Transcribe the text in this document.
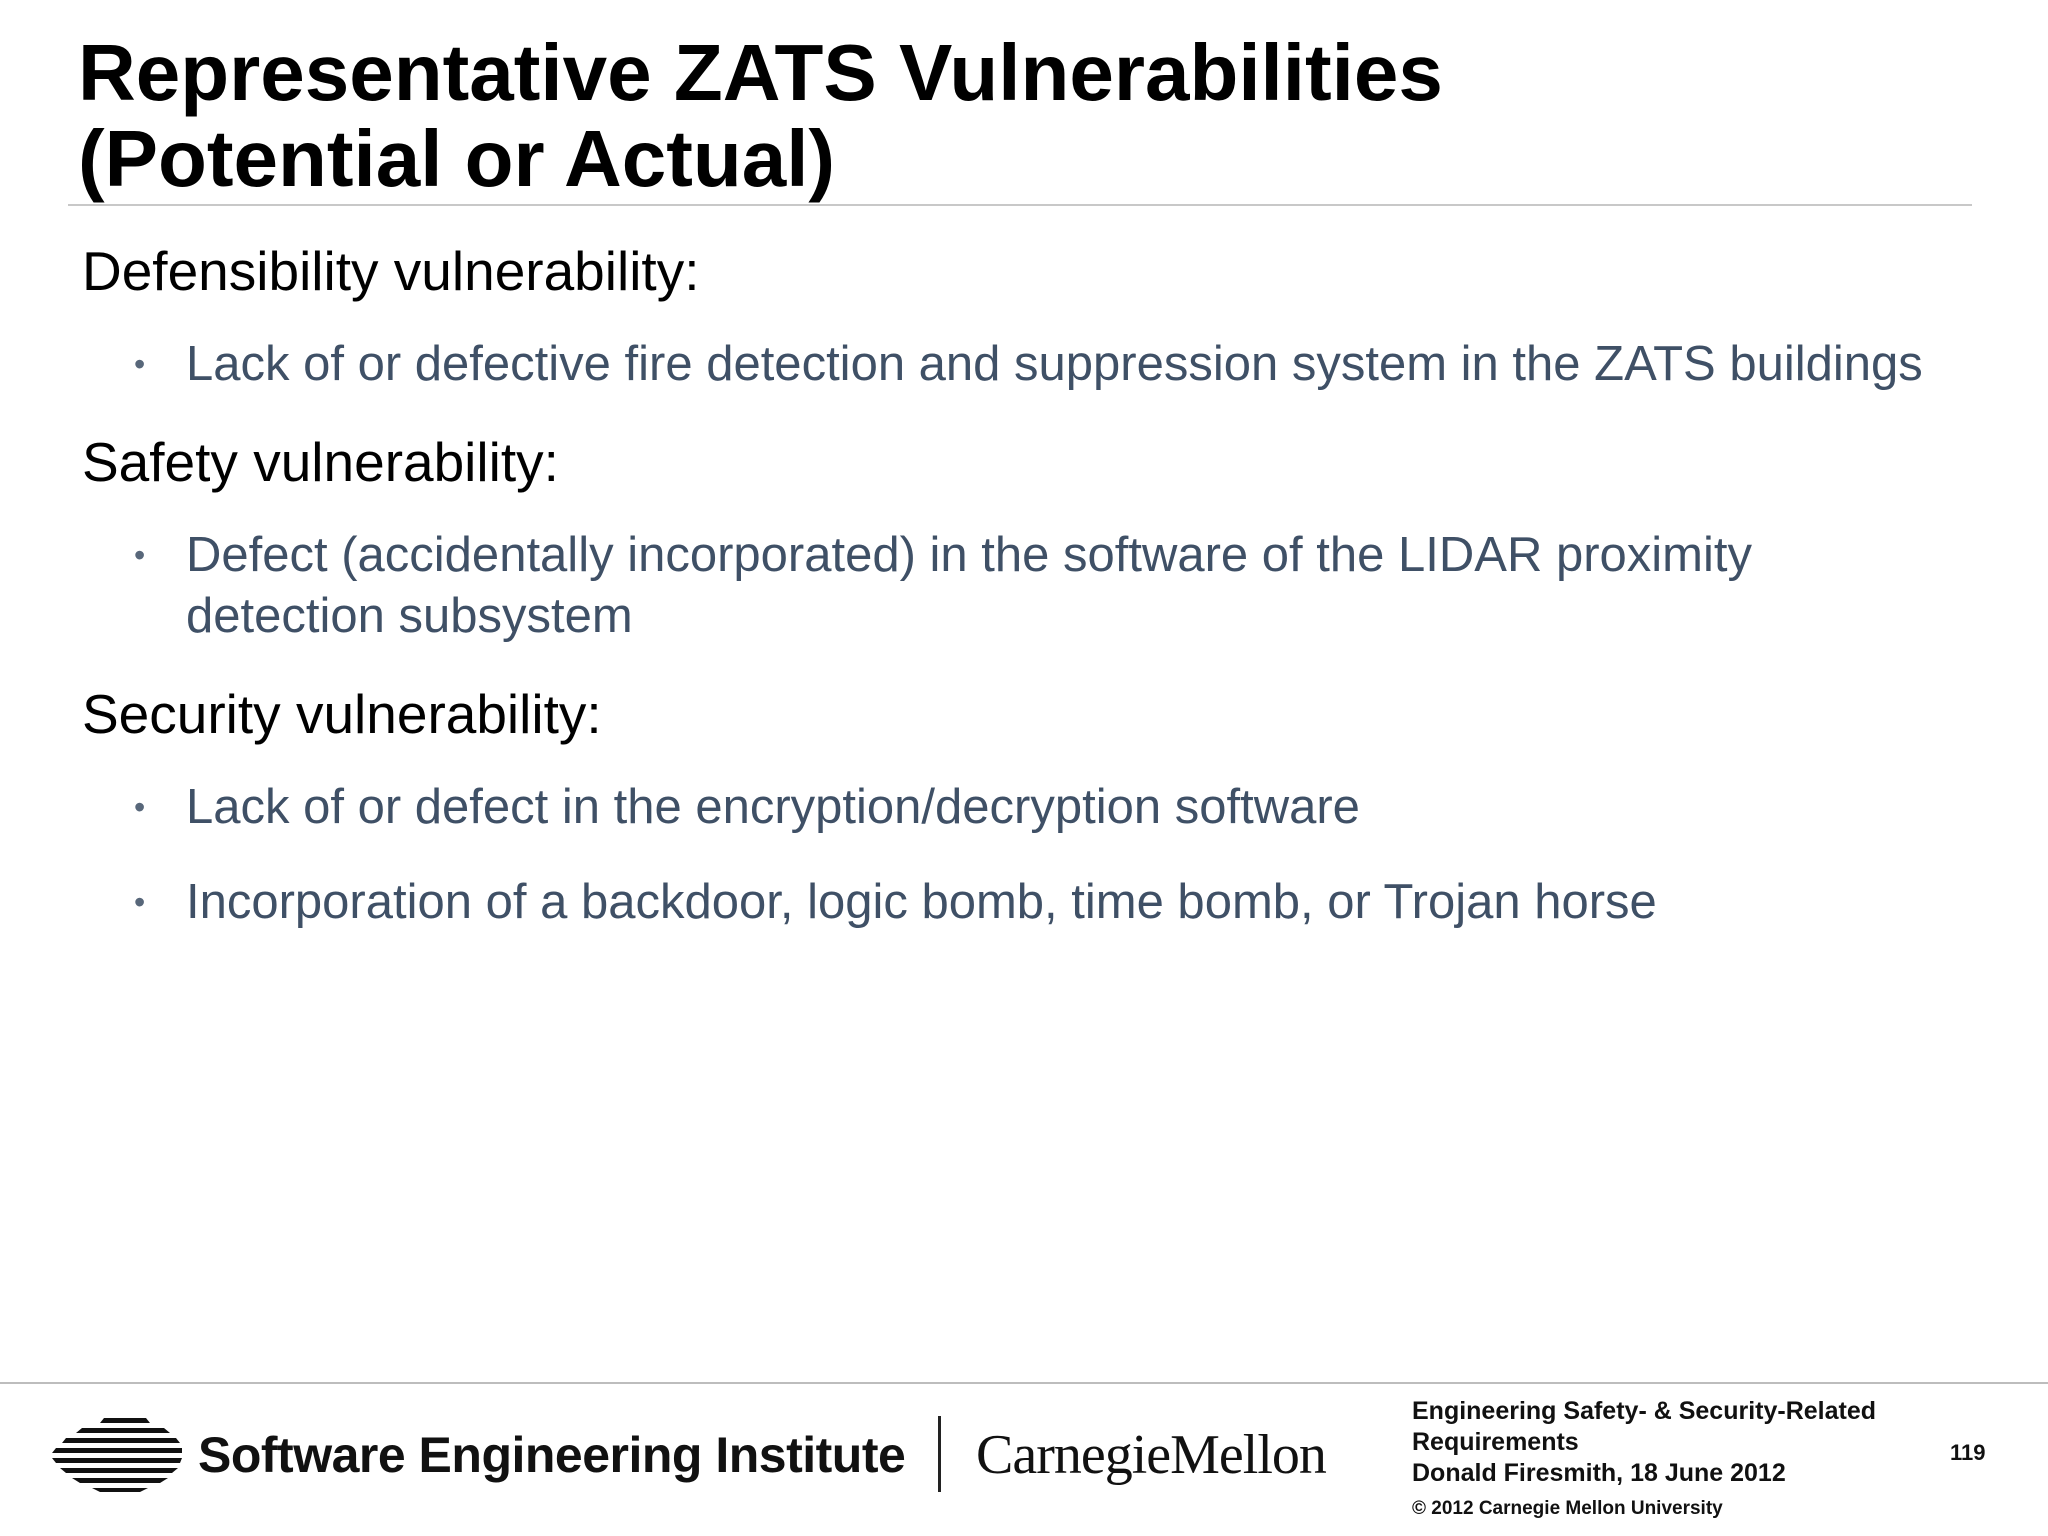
Representative ZATS Vulnerabilities
(Potential or Actual)

Defensibility vulnerability:

• Lack of or defective fire detection and suppression system in the ZATS buildings

Safety vulnerability:

• Defect (accidentally incorporated) in the software of the LIDAR proximity detection subsystem

Security vulnerability:

• Lack of or defect in the encryption/decryption software
• Incorporation of a backdoor, logic bomb, time bomb, or Trojan horse
Software Engineering Institute CarnegieMellon
Engineering Safety- & Security-Related
Requirements
Donald Firesmith, 18 June 2012
© 2012 Carnegie Mellon University
119
